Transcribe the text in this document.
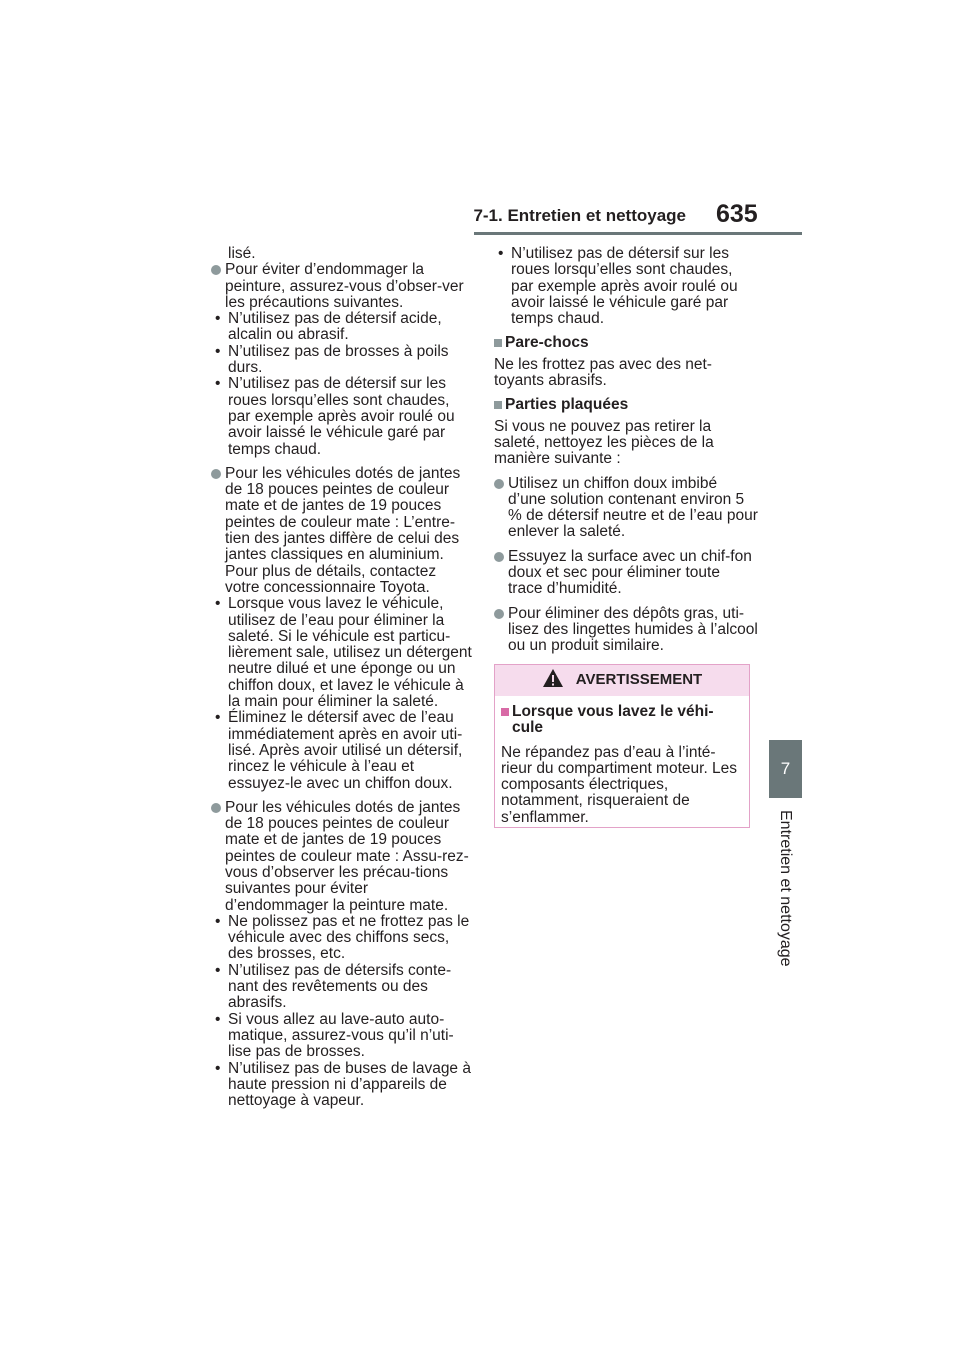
7-1. Entretien et nettoyage 635
7
Entretien et nettoyage

lisé.

Pour éviter d’endommager la peinture, assurez-vous d’obser-ver les précautions suivantes.

• N’utilisez pas de détersif acide, alcalin ou abrasif.

• N’utilisez pas de brosses à poils durs.

• N’utilisez pas de détersif sur les roues lorsqu’elles sont chaudes, par exemple après avoir roulé ou avoir laissé le véhicule garé par temps chaud.

Pour les véhicules dotés de jantes de 18 pouces peintes de couleur mate et de jantes de 19 pouces peintes de couleur mate : L’entre-tien des jantes diffère de celui des jantes classiques en aluminium. Pour plus de détails, contactez votre concessionnaire Toyota.

• Lorsque vous lavez le véhicule, utilisez de l’eau pour éliminer la saleté. Si le véhicule est particu-lièrement sale, utilisez un détergent neutre dilué et une éponge ou un chiffon doux, et lavez le véhicule à la main pour éliminer la saleté.

• Éliminez le détersif avec de l’eau immédiatement après en avoir uti-lisé. Après avoir utilisé un détersif, rincez le véhicule à l’eau et essuyez-le avec un chiffon doux.

Pour les véhicules dotés de jantes de 18 pouces peintes de couleur mate et de jantes de 19 pouces peintes de couleur mate : Assu-rez-vous d’observer les précau-tions suivantes pour éviter d’endommager la peinture mate.

• Ne polissez pas et ne frottez pas le véhicule avec des chiffons secs, des brosses, etc.

• N’utilisez pas de détersifs conte-nant des revêtements ou des abrasifs.

• Si vous allez au lave-auto auto-matique, assurez-vous qu’il n’uti-lise pas de brosses.

• N’utilisez pas de buses de lavage à haute pression ni d’appareils de nettoyage à vapeur.

• N’utilisez pas de détersif sur les roues lorsqu’elles sont chaudes, par exemple après avoir roulé ou avoir laissé le véhicule garé par temps chaud.

Pare-chocs

Ne les frottez pas avec des net-toyants abrasifs.

Parties plaquées

Si vous ne pouvez pas retirer la saleté, nettoyez les pièces de la manière suivante :

Utilisez un chiffon doux imbibé d’une solution contenant environ 5 % de détersif neutre et de l’eau pour enlever la saleté.

Essuyez la surface avec un chif-fon doux et sec pour éliminer toute trace d’humidité.

Pour éliminer des dépôts gras, uti-lisez des lingettes humides à l’alcool ou un produit similaire.

AVERTISSEMENT

Lorsque vous lavez le véhi-cule

Ne répandez pas d’eau à l’inté-rieur du compartiment moteur. Les composants électriques, notamment, risqueraient de s’enflammer.
